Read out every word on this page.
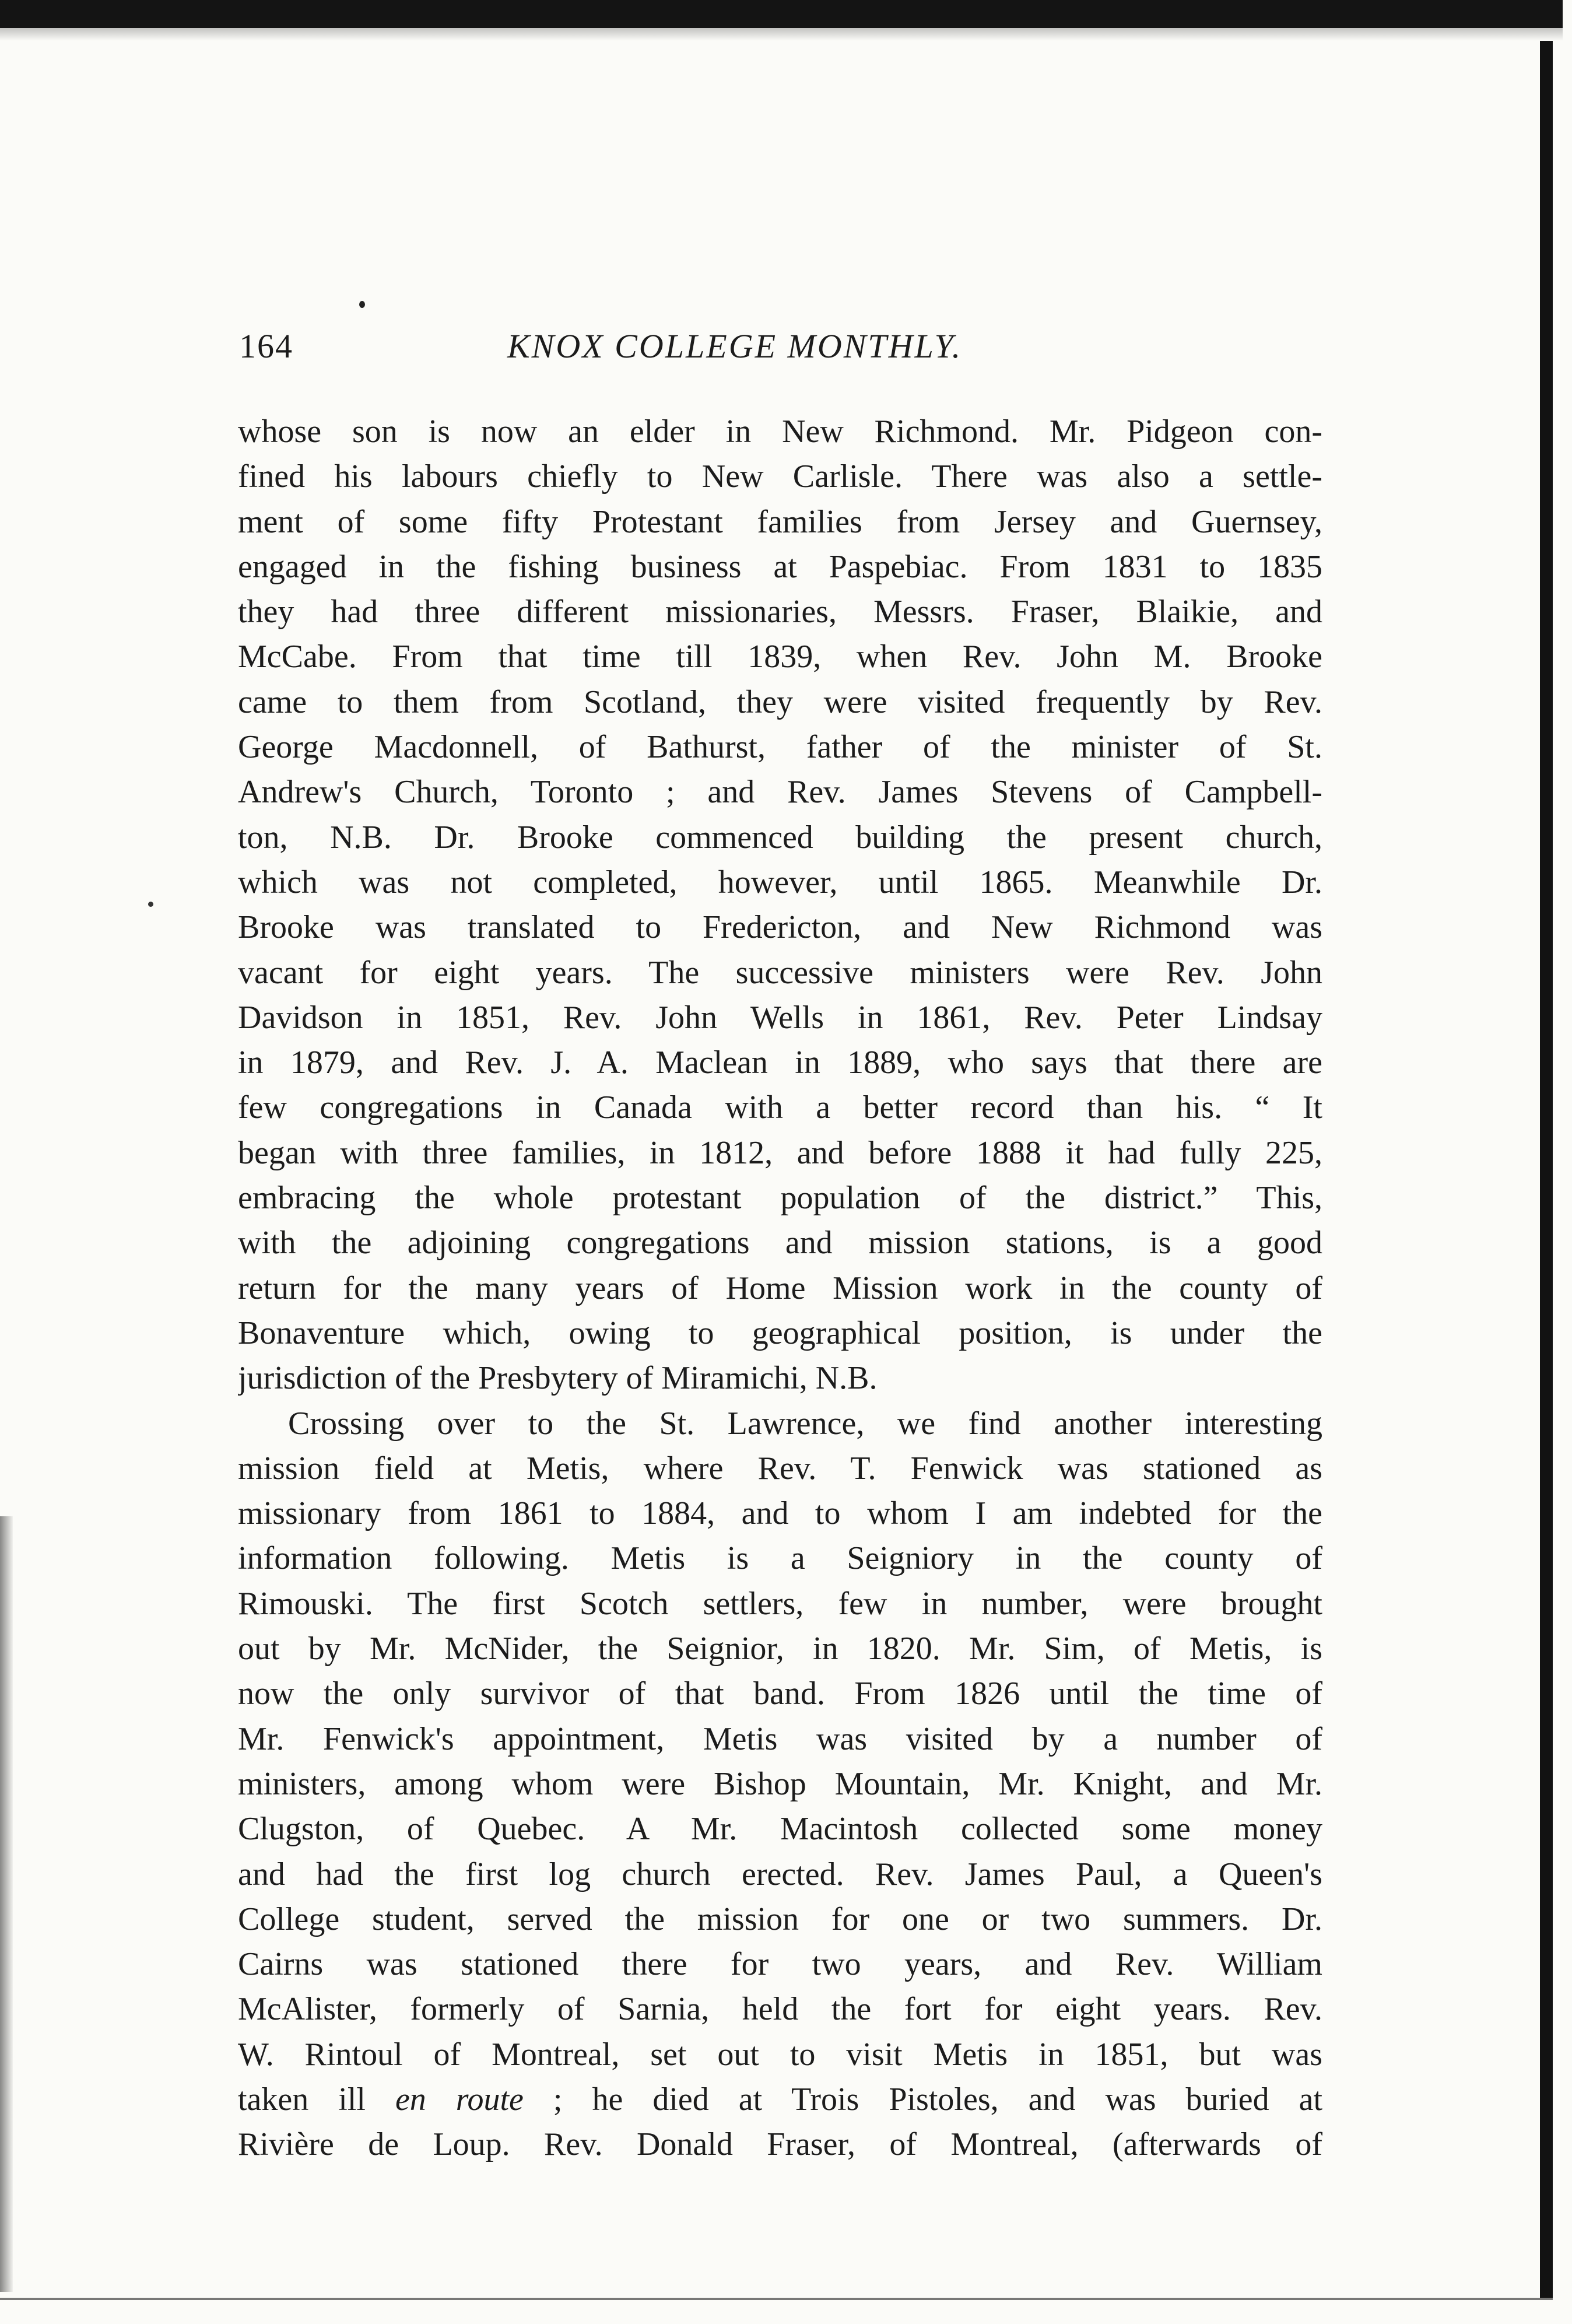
164	KNOX COLLEGE MONTHLY.
whose son is now an elder in New Richmond. Mr. Pidgeon con-
fined his labours chiefly to New Carlisle. There was also a settle-
ment of some fifty Protestant families from Jersey and Guernsey,
engaged in the fishing business at Paspebiac. From 1831 to 1835
they had three different missionaries, Messrs. Fraser, Blaikie, and
McCabe. From that time till 1839, when Rev. John M. Brooke
came to them from Scotland, they were visited frequently by Rev.
George Macdonnell, of Bathurst, father of the minister of St.
Andrew's Church, Toronto ; and Rev. James Stevens of Campbell-
ton, N.B. Dr. Brooke commenced building the present church,
which was not completed, however, until 1865. Meanwhile Dr.
Brooke was translated to Fredericton, and New Richmond was
vacant for eight years. The successive ministers were Rev. John
Davidson in 1851, Rev. John Wells in 1861, Rev. Peter Lindsay
in 1879, and Rev. J. A. Maclean in 1889, who says that there are
few congregations in Canada with a better record than his. “ It
began with three families, in 1812, and before 1888 it had fully 225,
embracing the whole protestant population of the district.” This,
with the adjoining congregations and mission stations, is a good
return for the many years of Home Mission work in the county of
Bonaventure which, owing to geographical position, is under the
jurisdiction of the Presbytery of Miramichi, N.B.
Crossing over to the St. Lawrence, we find another interesting
mission field at Metis, where Rev. T. Fenwick was stationed as
missionary from 1861 to 1884, and to whom I am indebted for the
information following. Metis is a Seigniory in the county of
Rimouski. The first Scotch settlers, few in number, were brought
out by Mr. McNider, the Seignior, in 1820. Mr. Sim, of Metis, is
now the only survivor of that band. From 1826 until the time of
Mr. Fenwick's appointment, Metis was visited by a number of
ministers, among whom were Bishop Mountain, Mr. Knight, and Mr.
Clugston, of Quebec. A Mr. Macintosh collected some money
and had the first log church erected. Rev. James Paul, a Queen's
College student, served the mission for one or two summers. Dr.
Cairns was stationed there for two years, and Rev. William
McAlister, formerly of Sarnia, held the fort for eight years. Rev.
W. Rintoul of Montreal, set out to visit Metis in 1851, but was
taken ill en route ; he died at Trois Pistoles, and was buried at
Rivière de Loup. Rev. Donald Fraser, of Montreal, (afterwards of
